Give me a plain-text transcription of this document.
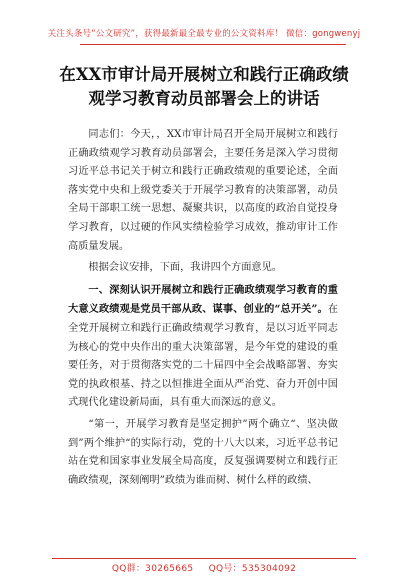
关注头条号“公文研究”，获得最新最全最专业的公文资料库！ 微信：gongwenyj
在XX市审计局开展树立和践行正确政绩
观学习教育动员部署会上的讲话

同志们：今天，，XX市审计局召开全局开展树立和践行正确政绩观学习教育动员部署会，主要任务是深入学习贯彻习近平总书记关于树立和践行正确政绩观的重要论述，全面落实党中央和上级党委关于开展学习教育的决策部署，动员全局干部职工统一思想、凝聚共识，以高度的政治自觉投身学习教育，以过硬的作风实绩检验学习成效，推动审计工作高质量发展。

根据会议安排，下面，我讲四个方面意见。

一、深刻认识开展树立和践行正确政绩观学习教育的重大意义政绩观是党员干部从政、谋事、创业的“总开关”。在全党开展树立和践行正确政绩观学习教育，是以习近平同志为核心的党中央作出的重大决策部署，是今年党的建设的重要任务，对于贯彻落实党的二十届四中全会战略部署、夯实党的执政根基、持之以恒推进全面从严治党、奋力开创中国式现代化建设新局面，具有重大而深远的意义。

“第一，开展学习教育是坚定拥护”两个确立“、坚决做到”两个维护“的实际行动，党的十八大以来，习近平总书记站在党和国家事业发展全局高度，反复强调要树立和践行正确政绩观，深刻阐明”政绩为谁而树、树什么样的政绩、

QQ群：30265665 QQ号：535304092
